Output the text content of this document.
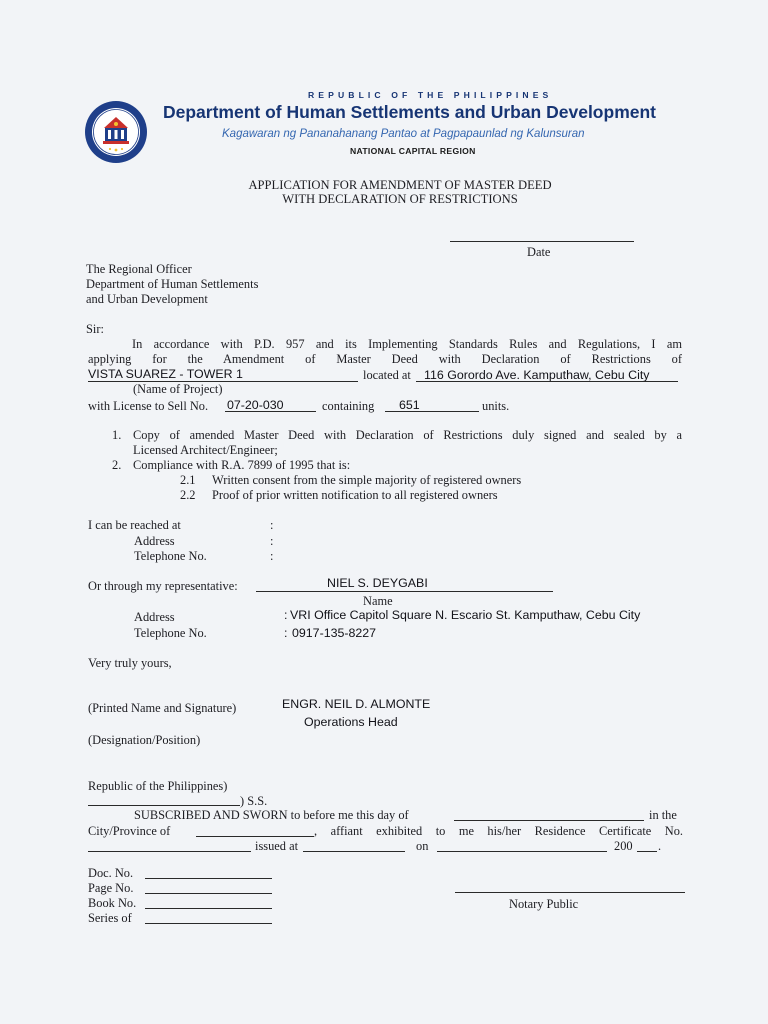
REPUBLIC OF THE PHILIPPINES
Department of Human Settlements and Urban Development
Kagawaran ng Pananahanang Pantao at Pagpapaunlad ng Kalunsuran
NATIONAL CAPITAL REGION
APPLICATION FOR AMENDMENT OF MASTER DEED
WITH DECLARATION OF RESTRICTIONS
Date
The Regional Officer
Department of Human Settlements
and Urban Development
Sir:
In accordance with P.D. 957 and its Implementing Standards Rules and Regulations, I am
applying for the Amendment of Master Deed with Declaration of Restrictions of
VISTA SUAREZ - TOWER 1	located at 116 Gorordo Ave. Kamputhaw, Cebu City
(Name of Project)
with License to Sell No. 07-20-030	containing 651	units.
1. Copy of amended Master Deed with Declaration of Restrictions duly signed and sealed by a
Licensed Architect/Engineer;
2. Compliance with R.A. 7899 of 1995 that is:
2.1 Written consent from the simple majority of registered owners
2.2 Proof of prior written notification to all registered owners
I can be reached at	:
Address	:
Telephone No.	:
Or through my representative:	NIEL S. DEYGABI
Name
Address	: VRI Office Capitol Square N. Escario St. Kamputhaw, Cebu City
Telephone No.	: 0917-135-8227
Very truly yours,
(Printed Name and Signature)	ENGR. NEIL D. ALMONTE
Operations Head
(Designation/Position)
Republic of the Philippines)
) S.S.
SUBSCRIBED AND SWORN to before me this day of	in the
City/Province of	, affiant exhibited to me his/her Residence Certificate No.
issued at	on	200 .
Doc. No.
Page No.
Book No.
Series of
Notary Public
